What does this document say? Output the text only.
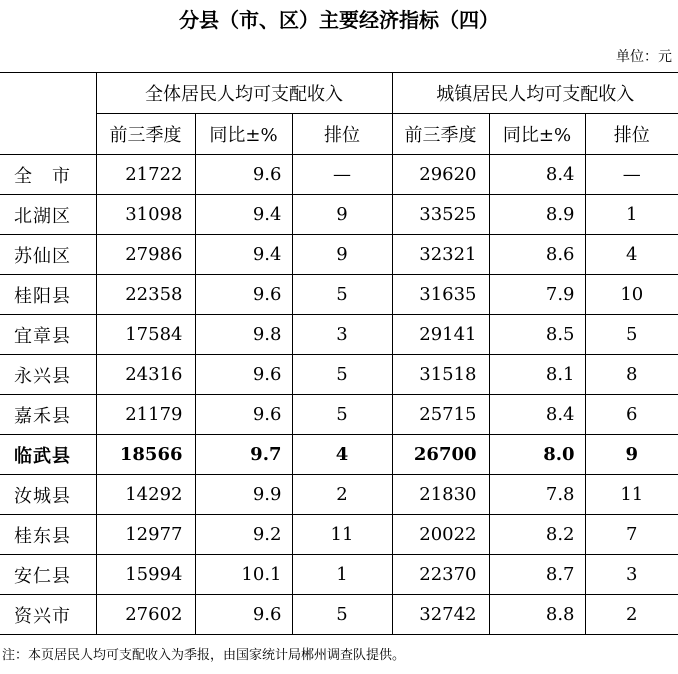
分县（市、区）主要经济指标（四）
单位：元
	全体居民人均可支配收入			城镇居民人均可支配收入		
	前三季度	同比±%	排位	前三季度	同比±%	排位
全　市	21722	9.6	—	29620	8.4	—
北湖区	31098	9.4	9	33525	8.9	1
苏仙区	27986	9.4	9	32321	8.6	4
桂阳县	22358	9.6	5	31635	7.9	10
宜章县	17584	9.8	3	29141	8.5	5
永兴县	24316	9.6	5	31518	8.1	8
嘉禾县	21179	9.6	5	25715	8.4	6
临武县	18566	9.7	4	26700	8.0	9
汝城县	14292	9.9	2	21830	7.8	11
桂东县	12977	9.2	11	20022	8.2	7
安仁县	15994	10.1	1	22370	8.7	3
资兴市	27602	9.6	5	32742	8.8	2
注：本页居民人均可支配收入为季报，由国家统计局郴州调查队提供。
